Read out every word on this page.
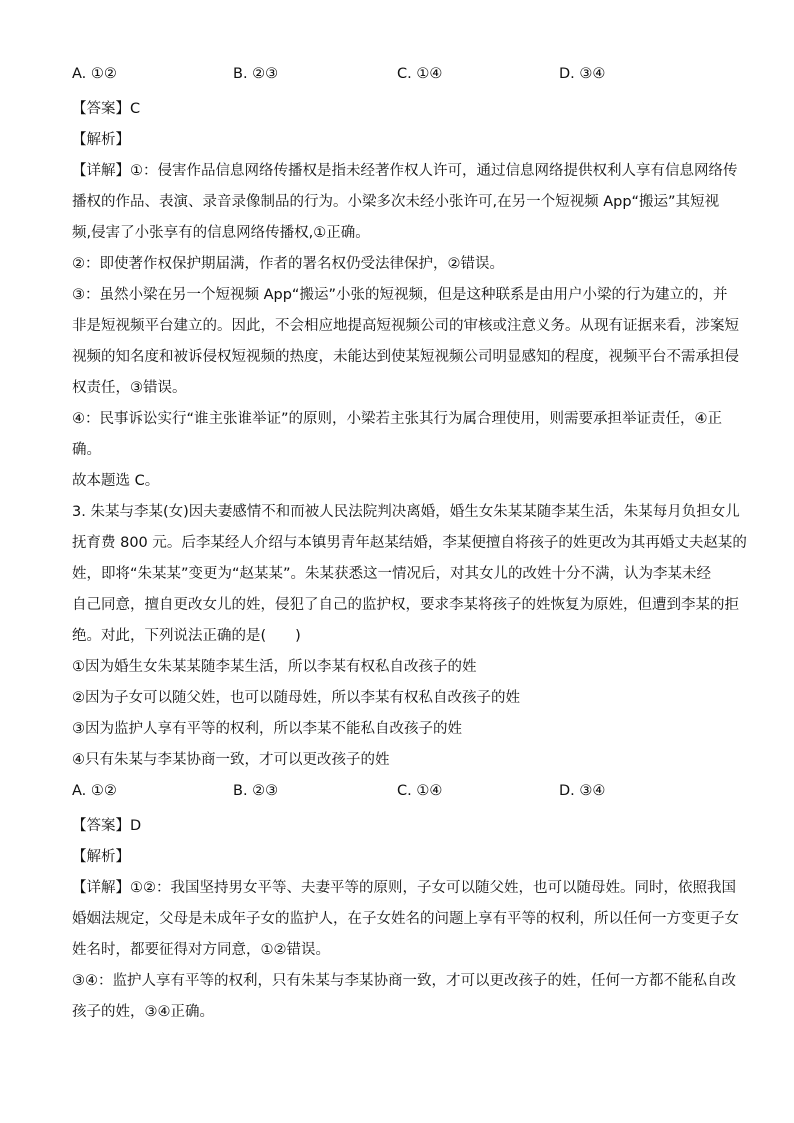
A. ①②	B. ②③	C. ①④	D. ③④
【答案】C
【解析】
【详解】①：侵害作品信息网络传播权是指未经著作权人许可，通过信息网络提供权利人享有信息网络传
播权的作品、表演、录音录像制品的行为。小梁多次未经小张许可,在另一个短视频 App“搬运”其短视
频,侵害了小张享有的信息网络传播权,①正确。
②：即使著作权保护期届满，作者的署名权仍受法律保护，②错误。
③：虽然小梁在另一个短视频 App“搬运”小张的短视频，但是这种联系是由用户小梁的行为建立的，并
非是短视频平台建立的。因此，不会相应地提高短视频公司的审核或注意义务。从现有证据来看，涉案短
视频的知名度和被诉侵权短视频的热度，未能达到使某短视频公司明显感知的程度，视频平台不需承担侵
权责任，③错误。
④：民事诉讼实行“谁主张谁举证”的原则，小梁若主张其行为属合理使用，则需要承担举证责任，④正
确。
故本题选 C。
3. 朱某与李某(女)因夫妻感情不和而被人民法院判决离婚，婚生女朱某某随李某生活，朱某每月负担女儿
抚育费 800 元。后李某经人介绍与本镇男青年赵某结婚，李某便擅自将孩子的姓更改为其再婚丈夫赵某的
姓，即将“朱某某”变更为“赵某某”。朱某获悉这一情况后，对其女儿的改姓十分不满，认为李某未经
自己同意，擅自更改女儿的姓，侵犯了自己的监护权，要求李某将孩子的姓恢复为原姓，但遭到李某的拒
绝。对此，下列说法正确的是(　　)
①因为婚生女朱某某随李某生活，所以李某有权私自改孩子的姓
②因为子女可以随父姓，也可以随母姓，所以李某有权私自改孩子的姓
③因为监护人享有平等的权利，所以李某不能私自改孩子的姓
④只有朱某与李某协商一致，才可以更改孩子的姓
A. ①②	B. ②③	C. ①④	D. ③④
【答案】D
【解析】
【详解】①②：我国坚持男女平等、夫妻平等的原则，子女可以随父姓，也可以随母姓。同时，依照我国
婚姻法规定，父母是未成年子女的监护人，在子女姓名的问题上享有平等的权利，所以任何一方变更子女
姓名时，都要征得对方同意，①②错误。
③④：监护人享有平等的权利，只有朱某与李某协商一致，才可以更改孩子的姓，任何一方都不能私自改
孩子的姓，③④正确。
